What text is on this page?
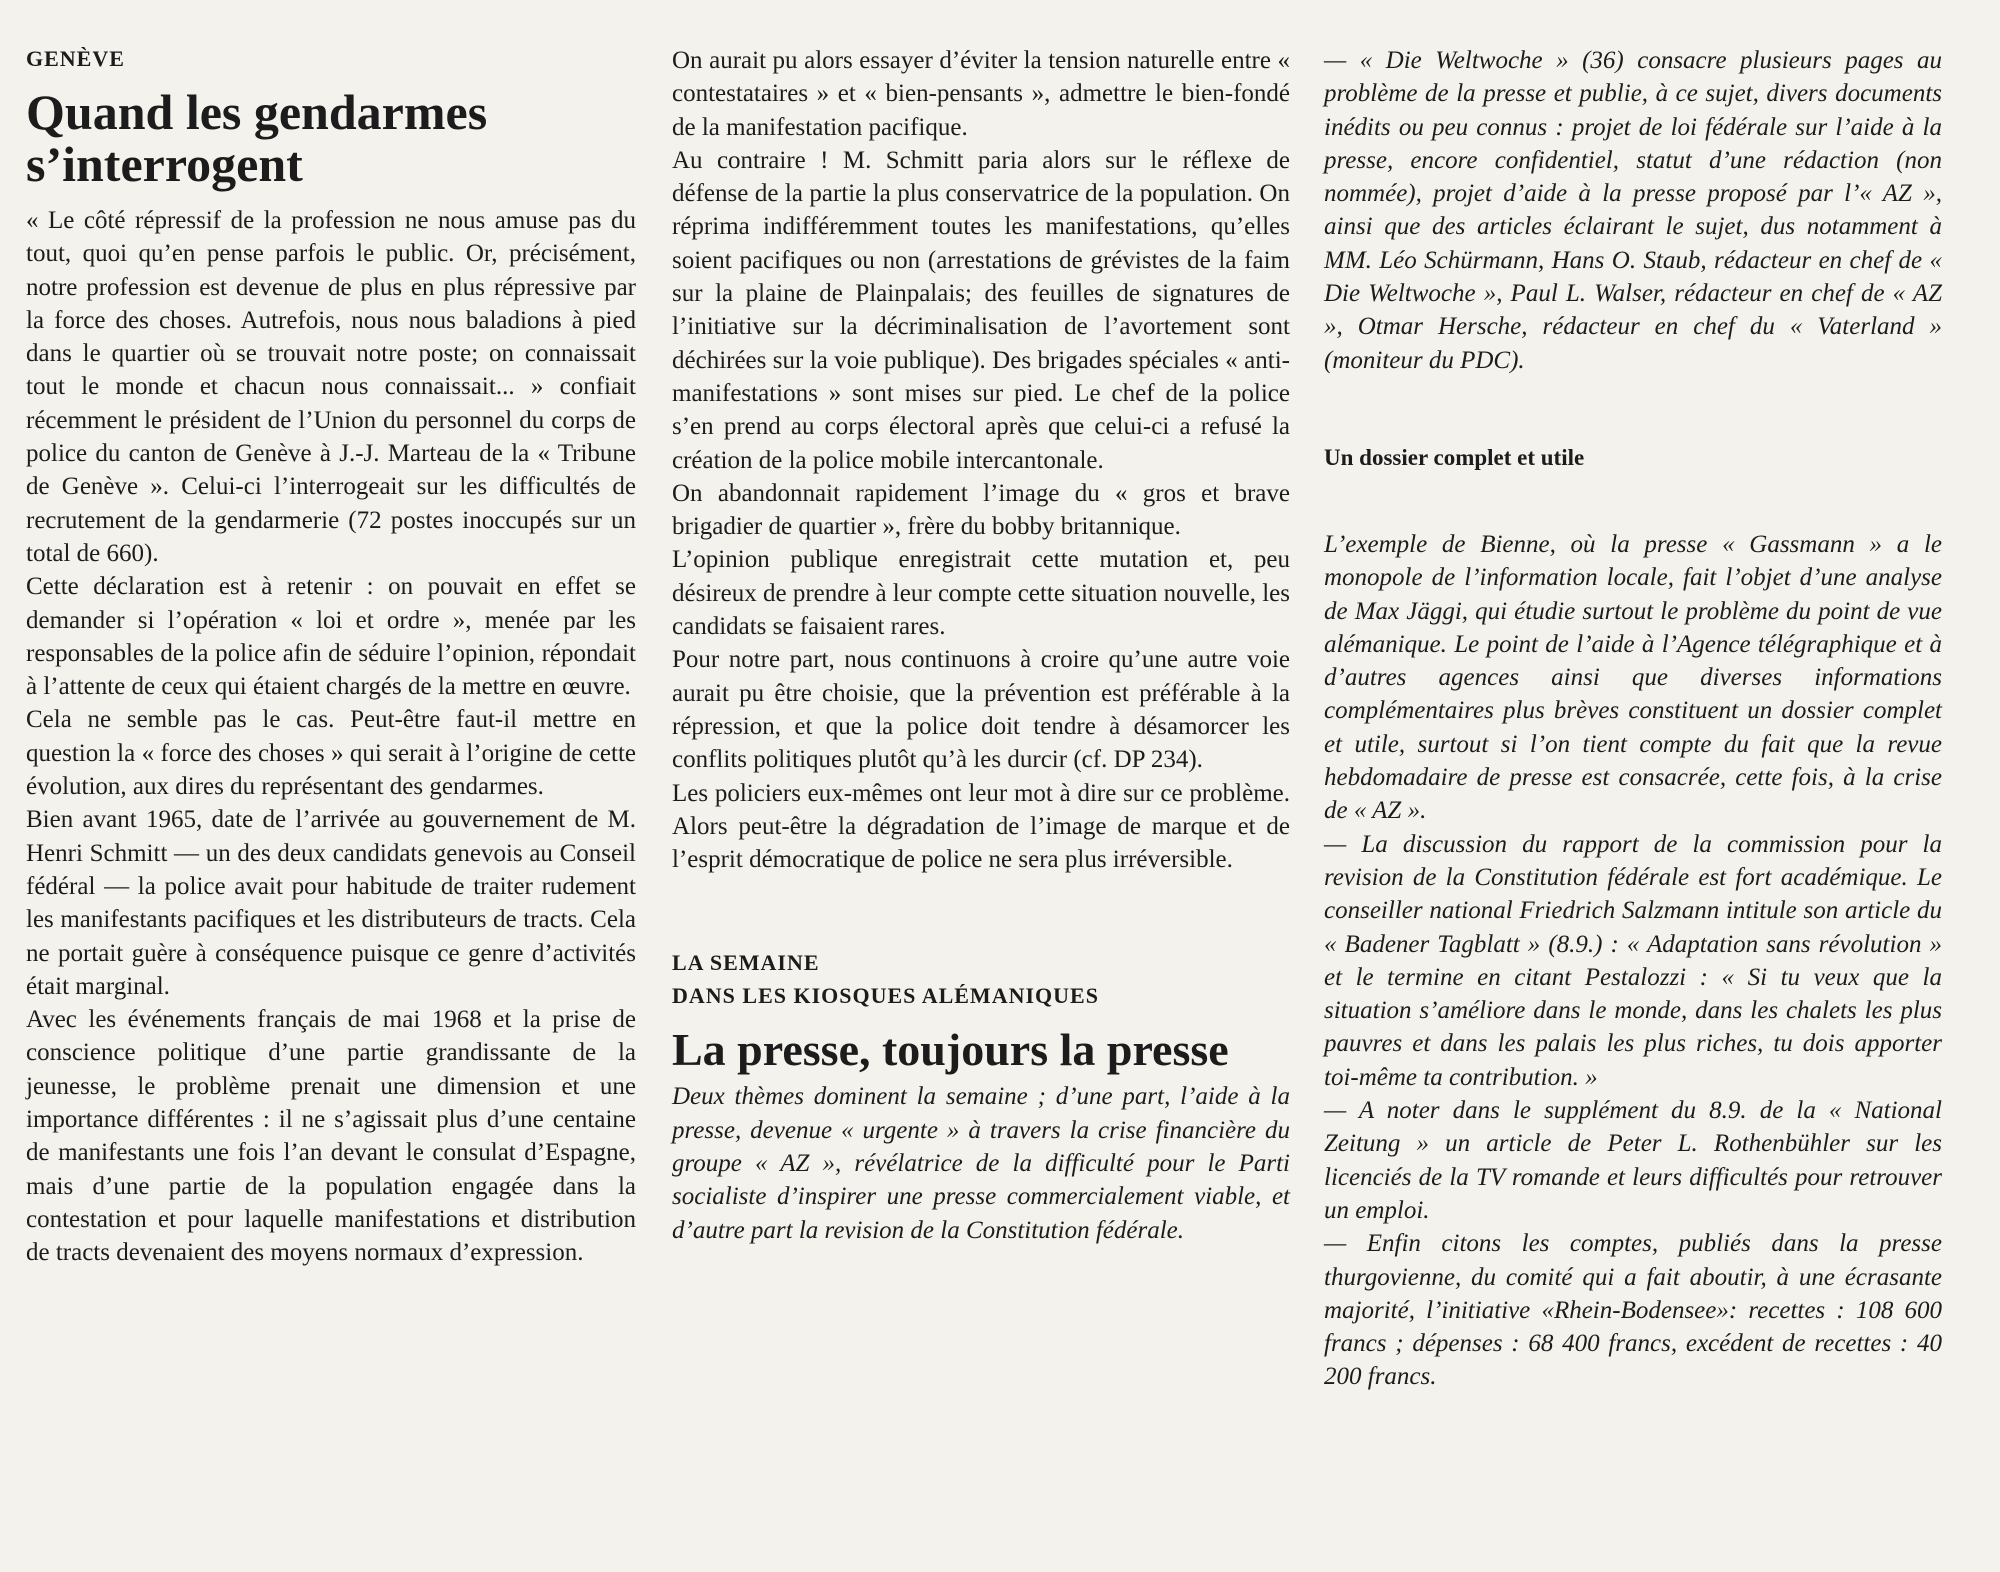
GENÈVE
Quand les gendarmes s’interrogent

« Le côté répressif de la profession ne nous amuse pas du tout, quoi qu’en pense parfois le public. Or, précisément, notre profession est devenue de plus en plus répressive par la force des choses. Autrefois, nous nous baladions à pied dans le quartier où se trouvait notre poste; on connaissait tout le monde et chacun nous connaissait... » confiait récemment le président de l’Union du personnel du corps de police du canton de Genève à J.-J. Marteau de la « Tribune de Genève ». Celui-ci l’interrogeait sur les difficultés de recrutement de la gendarmerie (72 postes inoccupés sur un total de 660).

Cette déclaration est à retenir : on pouvait en effet se demander si l’opération « loi et ordre », menée par les responsables de la police afin de séduire l’opinion, répondait à l’attente de ceux qui étaient chargés de la mettre en œuvre.

Cela ne semble pas le cas. Peut-être faut-il mettre en question la « force des choses » qui serait à l’origine de cette évolution, aux dires du représentant des gendarmes.

Bien avant 1965, date de l’arrivée au gouvernement de M. Henri Schmitt — un des deux candidats genevois au Conseil fédéral — la police avait pour habitude de traiter rudement les manifestants pacifiques et les distributeurs de tracts. Cela ne portait guère à conséquence puisque ce genre d’activités était marginal.

Avec les événements français de mai 1968 et la prise de conscience politique d’une partie grandissante de la jeunesse, le problème prenait une dimension et une importance différentes : il ne s’agissait plus d’une centaine de manifestants une fois l’an devant le consulat d’Espagne, mais d’une partie de la population engagée dans la contestation et pour laquelle manifestations et distribution de tracts devenaient des moyens normaux d’expression.

On aurait pu alors essayer d’éviter la tension naturelle entre « contestataires » et « bien-pensants », admettre le bien-fondé de la manifestation pacifique.

Au contraire ! M. Schmitt paria alors sur le réflexe de défense de la partie la plus conservatrice de la population. On réprima indifféremment toutes les manifestations, qu’elles soient pacifiques ou non (arrestations de grévistes de la faim sur la plaine de Plainpalais; des feuilles de signatures de l’initiative sur la décriminalisation de l’avortement sont déchirées sur la voie publique). Des brigades spéciales « anti-manifestations » sont mises sur pied. Le chef de la police s’en prend au corps électoral après que celui-ci a refusé la création de la police mobile intercantonale.

On abandonnait rapidement l’image du « gros et brave brigadier de quartier », frère du bobby britannique.

L’opinion publique enregistrait cette mutation et, peu désireux de prendre à leur compte cette situation nouvelle, les candidats se faisaient rares.

Pour notre part, nous continuons à croire qu’une autre voie aurait pu être choisie, que la prévention est préférable à la répression, et que la police doit tendre à désamorcer les conflits politiques plutôt qu’à les durcir (cf. DP 234).

Les policiers eux-mêmes ont leur mot à dire sur ce problème. Alors peut-être la dégradation de l’image de marque et de l’esprit démocratique de police ne sera plus irréversible.

LA SEMAINE
DANS LES KIOSQUES ALÉMANIQUES
La presse, toujours la presse

Deux thèmes dominent la semaine ; d’une part, l’aide à la presse, devenue « urgente » à travers la crise financière du groupe « AZ », révélatrice de la difficulté pour le Parti socialiste d’inspirer une presse commercialement viable, et d’autre part la revision de la Constitution fédérale.

— « Die Weltwoche » (36) consacre plusieurs pages au problème de la presse et publie, à ce sujet, divers documents inédits ou peu connus : projet de loi fédérale sur l’aide à la presse, encore confidentiel, statut d’une rédaction (non nommée), projet d’aide à la presse proposé par l’« AZ », ainsi que des articles éclairant le sujet, dus notamment à MM. Léo Schürmann, Hans O. Staub, rédacteur en chef de « Die Weltwoche », Paul L. Walser, rédacteur en chef de « AZ », Otmar Hersche, rédacteur en chef du « Vaterland » (moniteur du PDC).

Un dossier complet et utile

L’exemple de Bienne, où la presse « Gassmann » a le monopole de l’information locale, fait l’objet d’une analyse de Max Jäggi, qui étudie surtout le problème du point de vue alémanique. Le point de l’aide à l’Agence télégraphique et à d’autres agences ainsi que diverses informations complémentaires plus brèves constituent un dossier complet et utile, surtout si l’on tient compte du fait que la revue hebdomadaire de presse est consacrée, cette fois, à la crise de « AZ ».

— La discussion du rapport de la commission pour la revision de la Constitution fédérale est fort académique. Le conseiller national Friedrich Salzmann intitule son article du « Badener Tagblatt » (8.9.) : « Adaptation sans révolution » et le termine en citant Pestalozzi : « Si tu veux que la situation s’améliore dans le monde, dans les chalets les plus pauvres et dans les palais les plus riches, tu dois apporter toi-même ta contribution. »

— A noter dans le supplément du 8.9. de la « National Zeitung » un article de Peter L. Rothenbühler sur les licenciés de la TV romande et leurs difficultés pour retrouver un emploi.

— Enfin citons les comptes, publiés dans la presse thurgovienne, du comité qui a fait aboutir, à une écrasante majorité, l’initiative «Rhein-Bodensee»: recettes : 108 600 francs ; dépenses : 68 400 francs, excédent de recettes : 40 200 francs.
